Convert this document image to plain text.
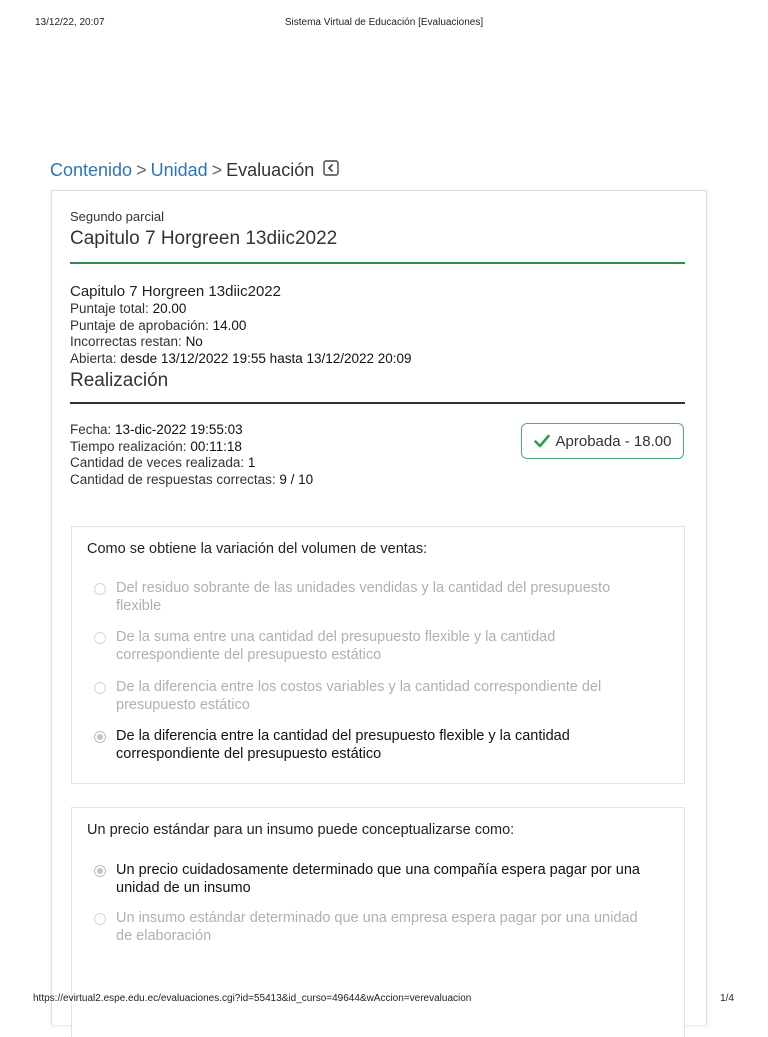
13/12/22, 20:07	Sistema Virtual de Educación [Evaluaciones]
Contenido > Unidad > Evaluación
Segundo parcial
Capitulo 7 Horgreen 13diic2022
Capitulo 7 Horgreen 13diic2022
Puntaje total: 20.00
Puntaje de aprobación: 14.00
Incorrectas restan: No
Abierta: desde 13/12/2022 19:55 hasta 13/12/2022 20:09
Realización
Fecha: 13-dic-2022 19:55:03
Tiempo realización: 00:11:18
Cantidad de veces realizada: 1
Cantidad de respuestas correctas: 9 / 10
Aprobada - 18.00
Como se obtiene la variación del volumen de ventas:
Del residuo sobrante de las unidades vendidas y la cantidad del presupuesto flexible
De la suma entre una cantidad del presupuesto flexible y la cantidad correspondiente del presupuesto estático
De la diferencia entre los costos variables y la cantidad correspondiente del presupuesto estático
De la diferencia entre la cantidad del presupuesto flexible y la cantidad correspondiente del presupuesto estático
Un precio estándar para un insumo puede conceptualizarse como:
Un precio cuidadosamente determinado que una compañía espera pagar por una unidad de un insumo
Un insumo estándar determinado que una empresa espera pagar por una unidad de elaboración
https://evirtual2.espe.edu.ec/evaluaciones.cgi?id=55413&id_curso=49644&wAccion=verevaluacion	1/4
